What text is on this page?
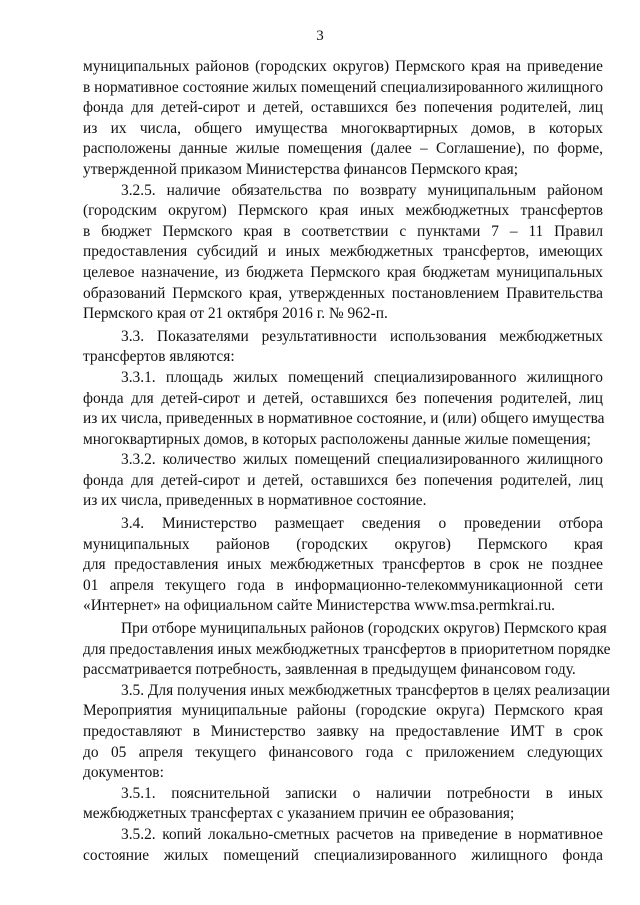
3
муниципальных районов (городских округов) Пермского края на приведение
в нормативное состояние жилых помещений специализированного жилищного
фонда для детей-сирот и детей, оставшихся без попечения родителей, лиц
из их числа, общего имущества многоквартирных домов, в которых
расположены данные жилые помещения (далее – Соглашение), по форме,
утвержденной приказом Министерства финансов Пермского края;
3.2.5. наличие обязательства по возврату муниципальным районом
(городским округом) Пермского края иных межбюджетных трансфертов
в бюджет Пермского края в соответствии с пунктами 7 – 11 Правил
предоставления субсидий и иных межбюджетных трансфертов, имеющих
целевое назначение, из бюджета Пермского края бюджетам муниципальных
образований Пермского края, утвержденных постановлением Правительства
Пермского края от 21 октября 2016 г. № 962-п.
3.3. Показателями результативности использования межбюджетных
трансфертов являются:
3.3.1. площадь жилых помещений специализированного жилищного
фонда для детей-сирот и детей, оставшихся без попечения родителей, лиц
из их числа, приведенных в нормативное состояние, и (или) общего имущества
многоквартирных домов, в которых расположены данные жилые помещения;
3.3.2. количество жилых помещений специализированного жилищного
фонда для детей-сирот и детей, оставшихся без попечения родителей, лиц
из их числа, приведенных в нормативное состояние.
3.4. Министерство размещает сведения о проведении отбора
муниципальных районов (городских округов) Пермского края
для предоставления иных межбюджетных трансфертов в срок не позднее
01 апреля текущего года в информационно-телекоммуникационной сети
«Интернет» на официальном сайте Министерства www.msa.permkrai.ru.
При отборе муниципальных районов (городских округов) Пермского края
для предоставления иных межбюджетных трансфертов в приоритетном порядке
рассматривается потребность, заявленная в предыдущем финансовом году.
3.5. Для получения иных межбюджетных трансфертов в целях реализации
Мероприятия муниципальные районы (городские округа) Пермского края
предоставляют в Министерство заявку на предоставление ИМТ в срок
до 05 апреля текущего финансового года с приложением следующих
документов:
3.5.1. пояснительной записки о наличии потребности в иных
межбюджетных трансфертах с указанием причин ее образования;
3.5.2. копий локально-сметных расчетов на приведение в нормативное
состояние жилых помещений специализированного жилищного фонда
